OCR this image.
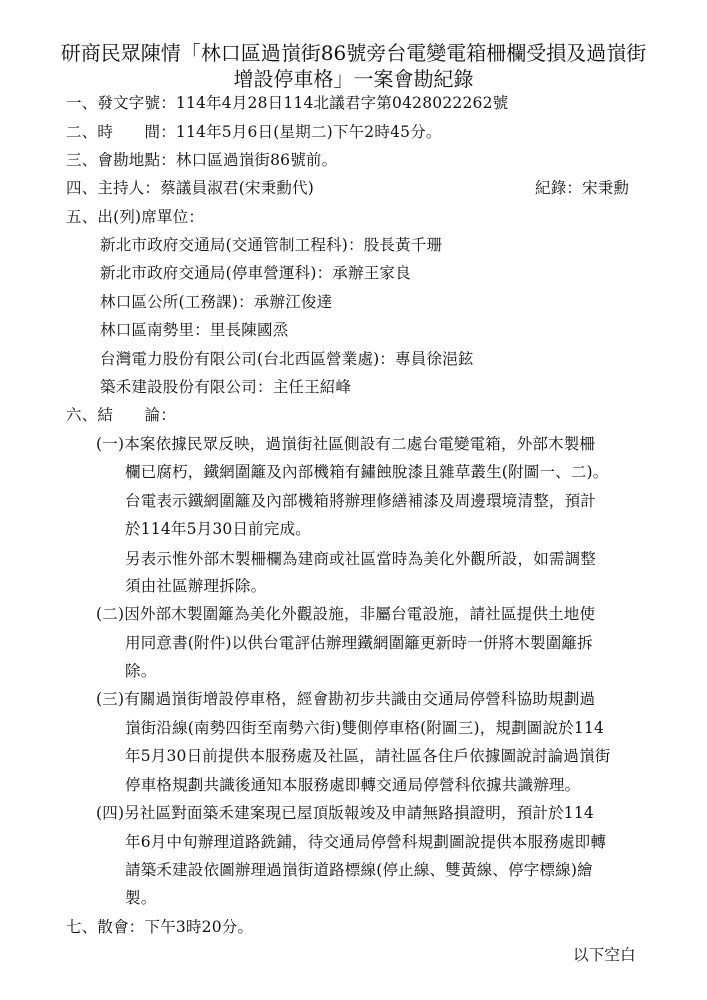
研商民眾陳情「林口區過嵿街86號旁台電變電箱柵欄受損及過嵿街
增設停車格」一案會勘紀錄
一、發文字號：114年4月28日114北議君字第0428022262號
二、時　　間：114年5月6日(星期二)下午2時45分。
三、會勘地點：林口區過嵿街86號前。
四、主持人：蔡議員淑君(宋秉勳代)	紀錄：宋秉勳
五、出(列)席單位：
新北市政府交通局(交通管制工程科)：股長黃千珊
新北市政府交通局(停車營運科)：承辦王家良
林口區公所(工務課)：承辦江俊達
林口區南勢里：里長陳國烝
台灣電力股份有限公司(台北西區營業處)：專員徐浥鉉
築禾建設股份有限公司：主任王紹峰
六、結　　論：
(一)本案依據民眾反映，過嵿街社區側設有二處台電變電箱，外部木製柵
欄已腐朽，鐵網圍籬及內部機箱有鏽蝕脫漆且雜草叢生(附圖一、二)。
台電表示鐵網圍籬及內部機箱將辦理修繕補漆及周邊環境清整，預計
於114年5月30日前完成。
另表示惟外部木製柵欄為建商或社區當時為美化外觀所設，如需調整
須由社區辦理拆除。
(二)因外部木製圍籬為美化外觀設施，非屬台電設施，請社區提供土地使
用同意書(附件)以供台電評估辦理鐵網圍籬更新時一併將木製圍籬拆
除。
(三)有關過嵿街增設停車格，經會勘初步共識由交通局停營科協助規劃過
嵿街沿線(南勢四街至南勢六街)雙側停車格(附圖三)，規劃圖說於114
年5月30日前提供本服務處及社區，請社區各住戶依據圖說討論過嵿街
停車格規劃共識後通知本服務處即轉交通局停營科依據共識辦理。
(四)另社區對面築禾建案現已屋頂版報竣及申請無路損證明，預計於114
年6月中旬辦理道路銑鋪，待交通局停營科規劃圖說提供本服務處即轉
請築禾建設依圖辦理過嵿街道路標線(停止線、雙黃線、停字標線)繪
製。
七、散會：下午3時20分。
以下空白
